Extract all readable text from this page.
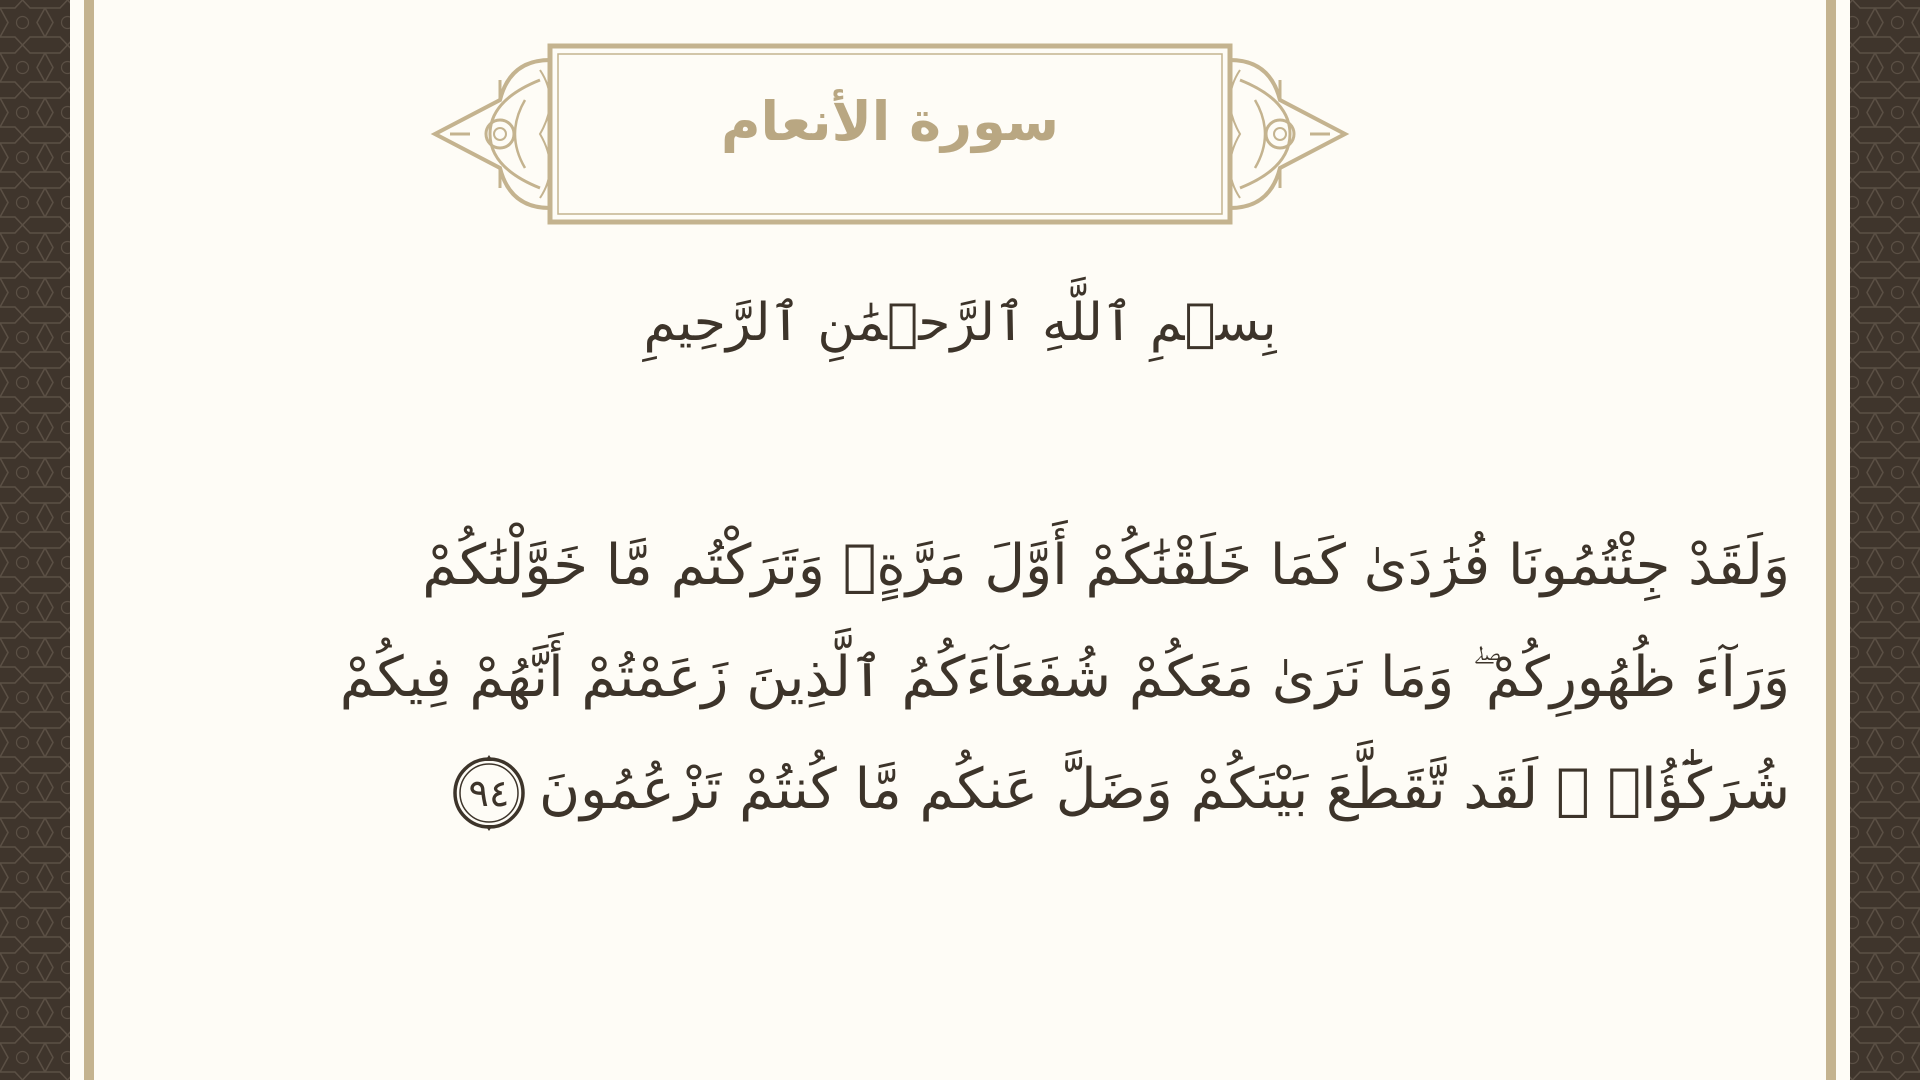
سورة الأنعام
بِسۡمِ ٱللَّهِ ٱلرَّحۡمَٰنِ ٱلرَّحِيمِ
وَلَقَدْ جِئْتُمُونَا فُرَٰدَىٰ كَمَا خَلَقْنَٰكُمْ أَوَّلَ مَرَّةٍۢ وَتَرَكْتُم مَّا خَوَّلْنَٰكُمْ
وَرَآءَ ظُهُورِكُمْ ۖ وَمَا نَرَىٰ مَعَكُمْ شُفَعَآءَكُمُ ٱلَّذِينَ زَعَمْتُمْ أَنَّهُمْ فِيكُمْ
شُرَكَٰٓؤُا۟ ۚ لَقَد تَّقَطَّعَ بَيْنَكُمْ وَضَلَّ عَنكُم مَّا كُنتُمْ تَزْعُمُونَ
٩٤
